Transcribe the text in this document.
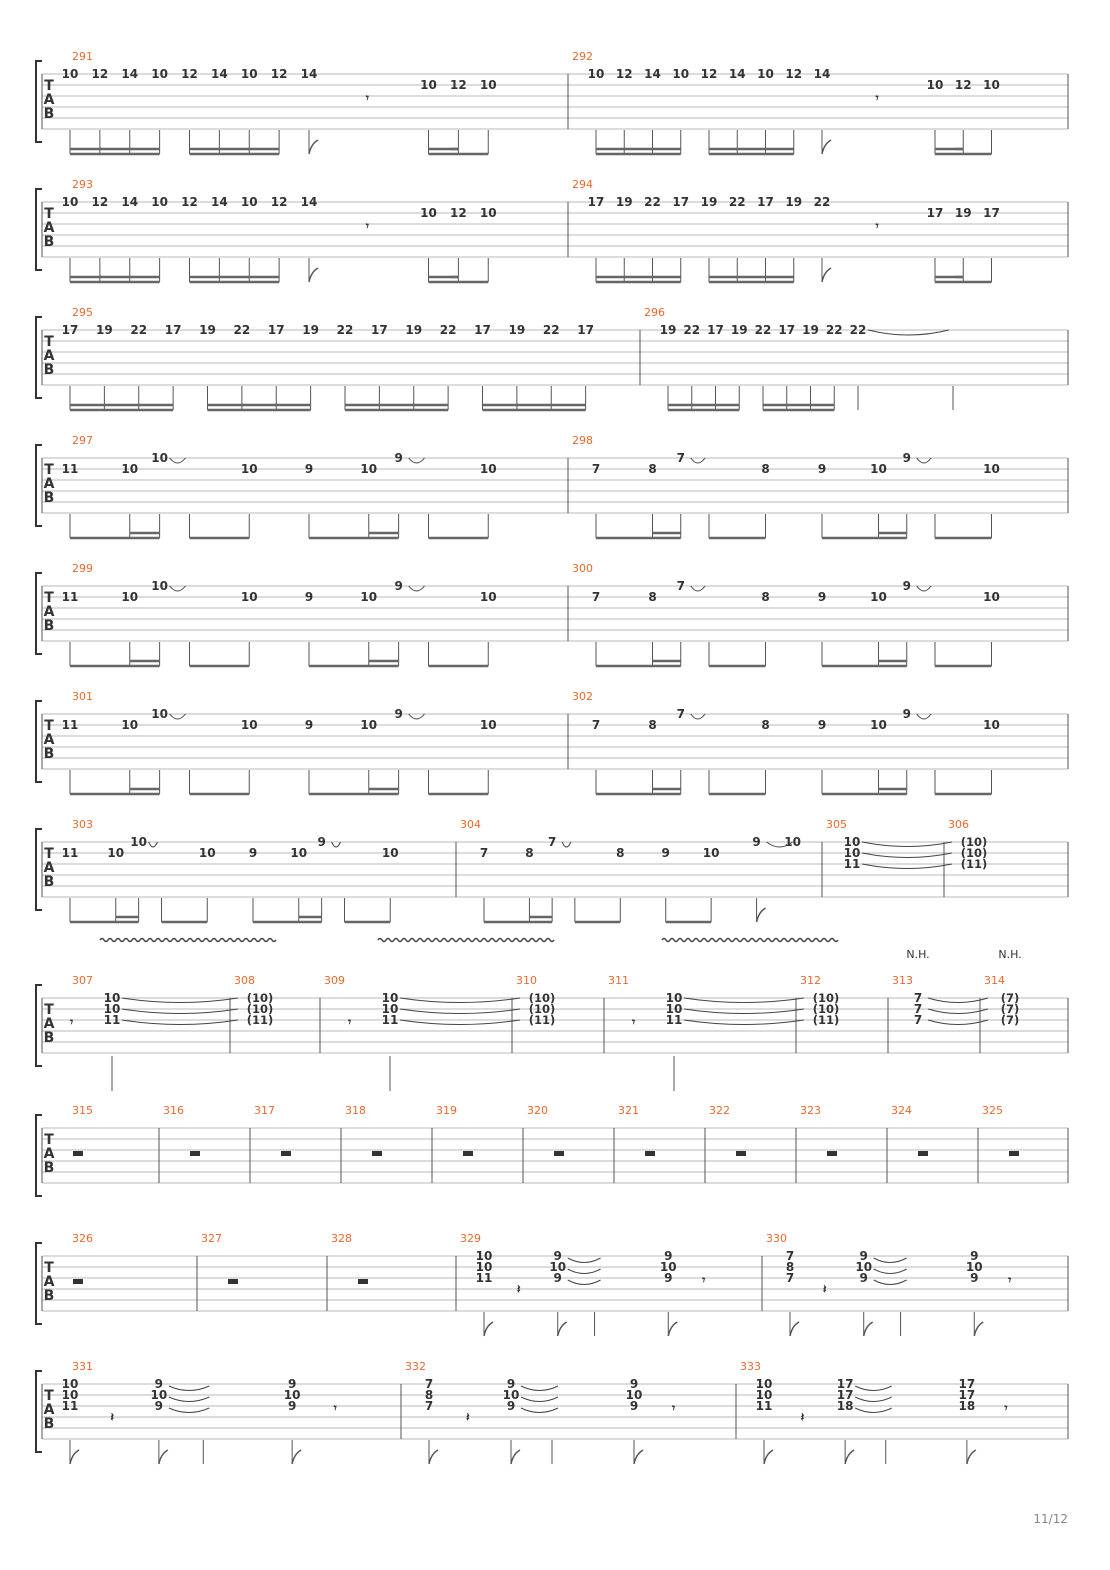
T
A
B
291
10 12 14 10 12 14 10 12 14
𝄾
10 12 10
292
10 12 14 10 12 14 10 12 14
𝄾
10 12 10
T
A
B
293
10 12 14 10 12 14 10 12 14
𝄾
10 12 10
294
17 19 22 17 19 22 17 19 22
𝄾
17 19 17
T
A
B
295
17 19 22 17 19 22 17 19 22 17 19 22 17 19 22 17
296
19 22 17 19 22 17 19 22 22
T
A
B
297
11	10
10
10	9	10
9
10
298
7	8
7
8	9	10
9
10
T
A
B
299
11	10
10
10	9	10
9
10
300
7	8
7
8	9	10
9
10
T
A
B
301
11	10
10
10	9	10
9
10
302
7	8
7
8	9	10
9
10
T
A
B
303
11 10
10
10	9	10
9
10
304
7	8
7
8	9	10
9 10
305
10
10
11
306
(10)
(10)
(11)
T
A
B
307
𝄾
10
10
11
308
(10)
(10)
(11)
309
𝄾
10
10
11
310
(10)
(10)
(11)
311
𝄾
10
10
11
312
(10)
(10)
(11)
313
7
7
7
N.H.
314
(7)
(7)
(7)
N.H.
T
A
B
315	316	317	318	319	320	321	322	323	324	325
T
A
B
326	327	328	329
10
10
11
𝄽
9
10
9
9
10
9 𝄾
330
7
8
7
𝄽
9
10
9
9
10
9 𝄾
T
A
B
331
10
10
11
𝄽
9
10
9
9
10
9	𝄾
332
7
8
7
𝄽
9
10
9
9
10
9	𝄾
333
10
10
11
𝄽
17
17
18
17
17
18 𝄾
11/12
